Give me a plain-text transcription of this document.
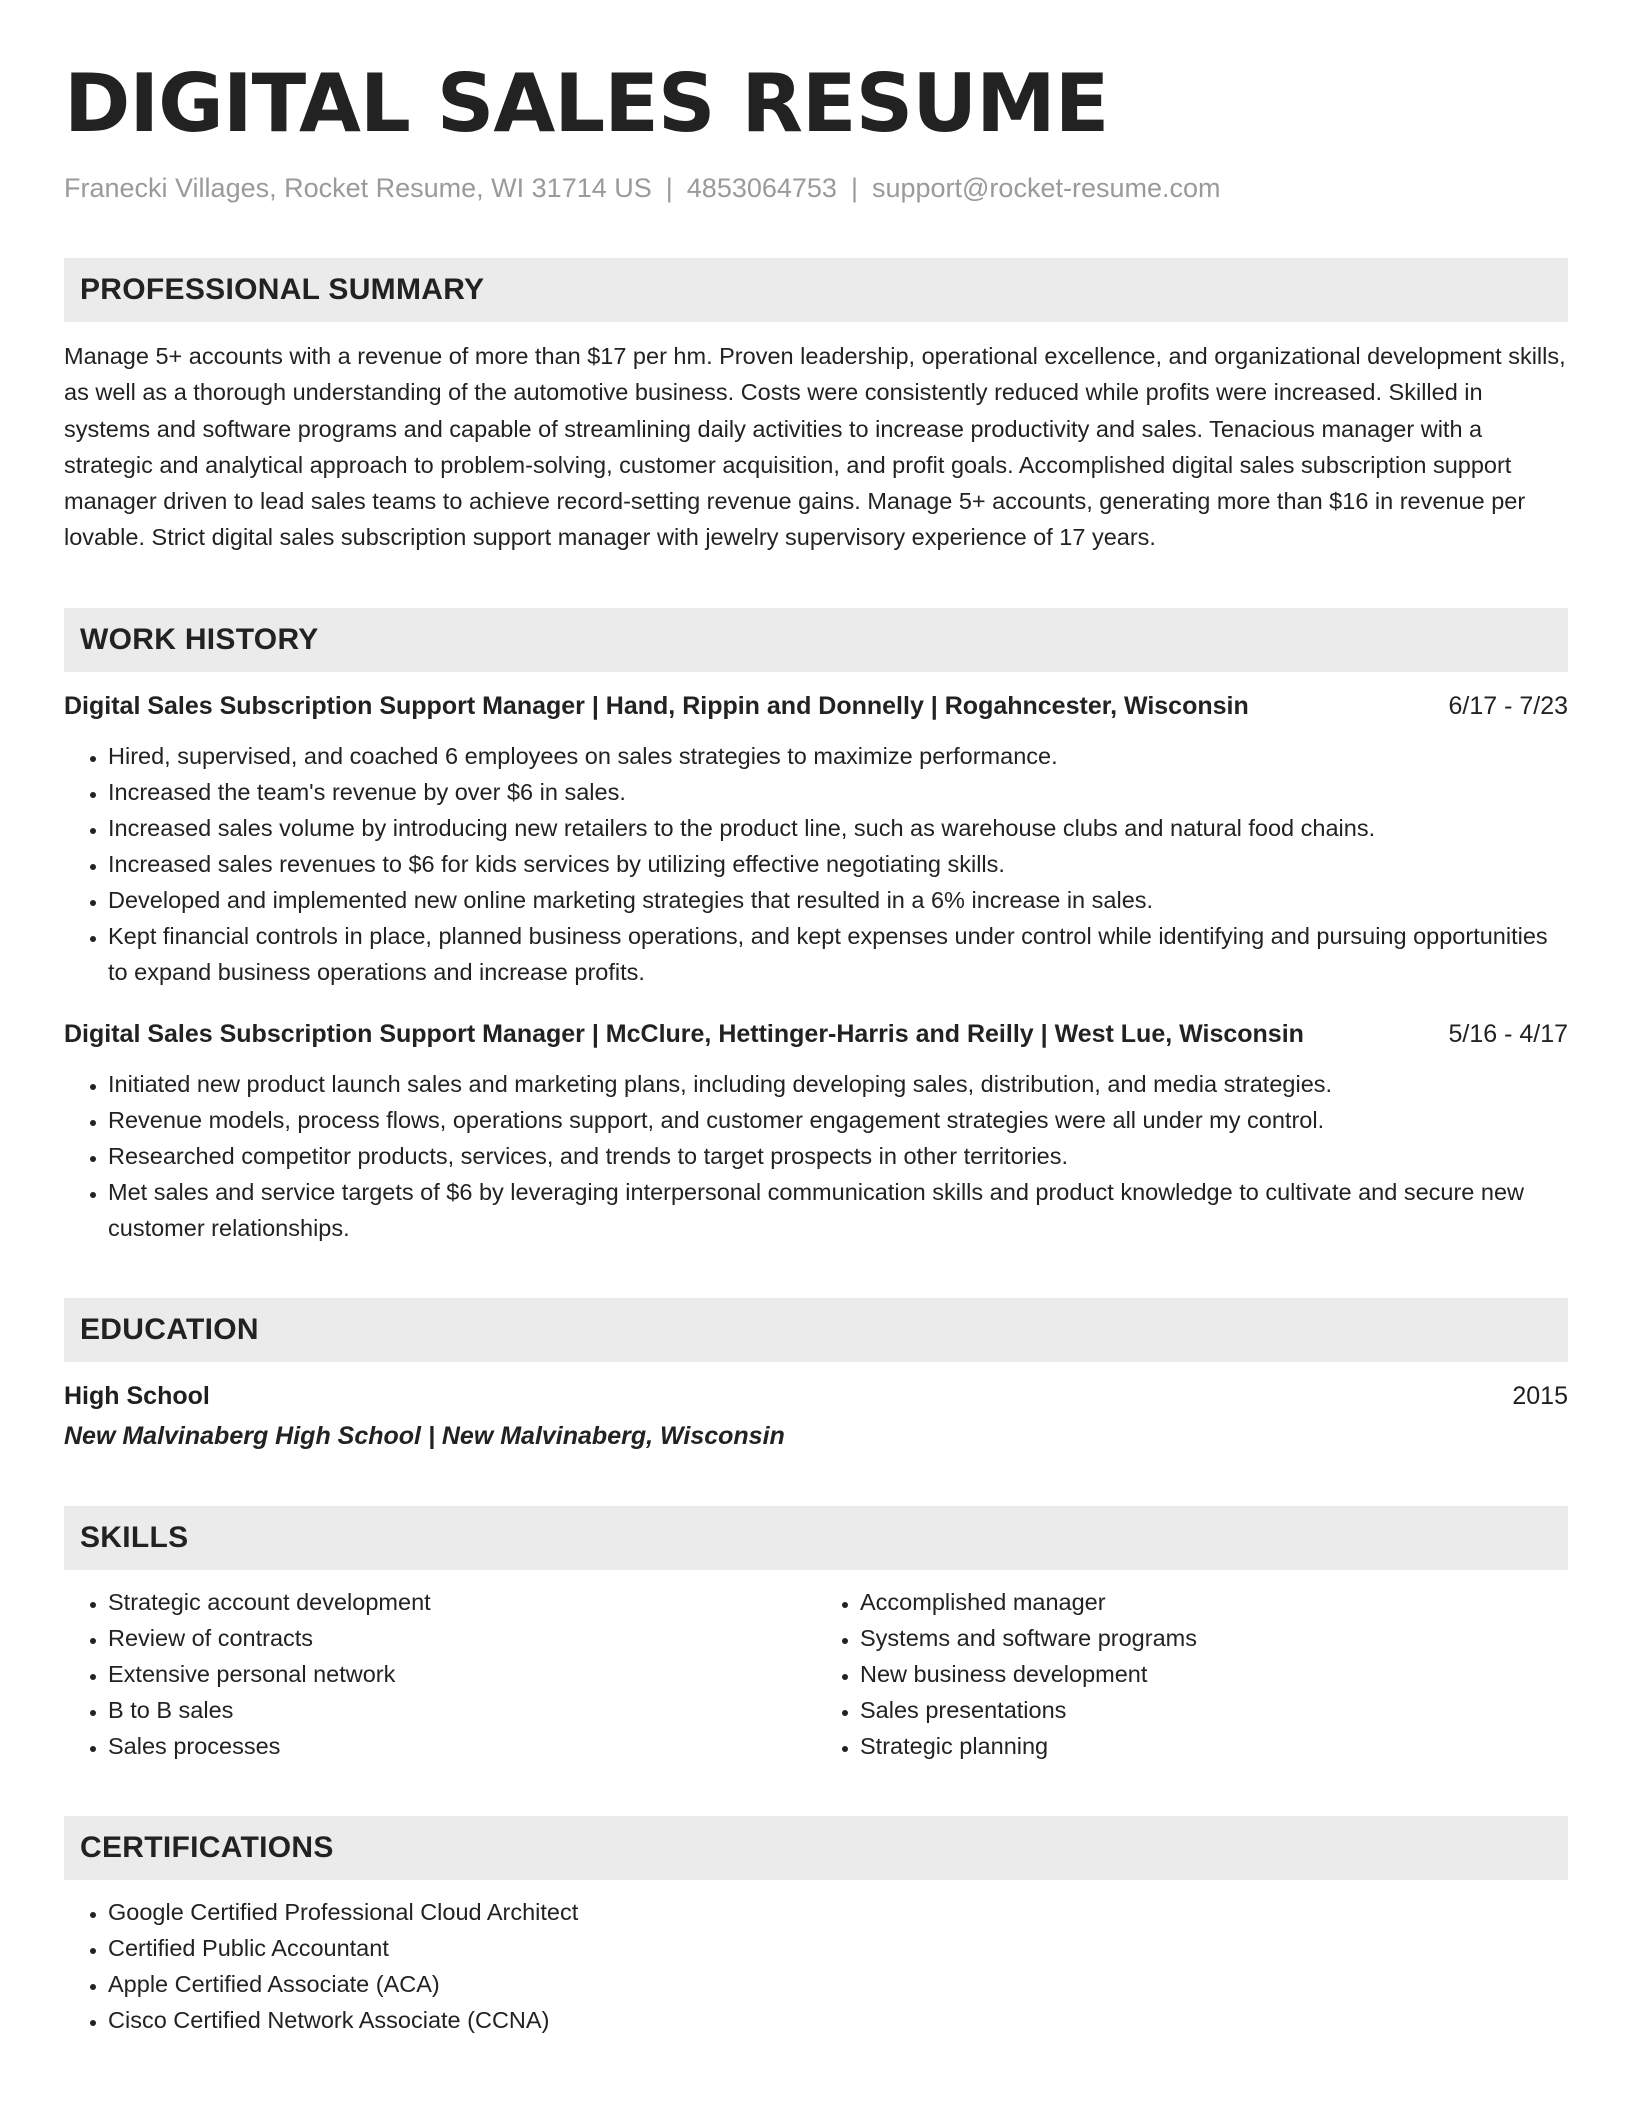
DIGITAL SALES RESUME
Franecki Villages, Rocket Resume, WI 31714 US | 4853064753 | support@rocket-resume.com
PROFESSIONAL SUMMARY
Manage 5+ accounts with a revenue of more than $17 per hm. Proven leadership, operational excellence, and organizational development skills, as well as a thorough understanding of the automotive business. Costs were consistently reduced while profits were increased. Skilled in systems and software programs and capable of streamlining daily activities to increase productivity and sales. Tenacious manager with a strategic and analytical approach to problem-solving, customer acquisition, and profit goals. Accomplished digital sales subscription support manager driven to lead sales teams to achieve record-setting revenue gains. Manage 5+ accounts, generating more than $16 in revenue per lovable. Strict digital sales subscription support manager with jewelry supervisory experience of 17 years.
WORK HISTORY
Digital Sales Subscription Support Manager | Hand, Rippin and Donnelly | Rogahncester, Wisconsin	6/17 - 7/23
• Hired, supervised, and coached 6 employees on sales strategies to maximize performance.
• Increased the team's revenue by over $6 in sales.
• Increased sales volume by introducing new retailers to the product line, such as warehouse clubs and natural food chains.
• Increased sales revenues to $6 for kids services by utilizing effective negotiating skills.
• Developed and implemented new online marketing strategies that resulted in a 6% increase in sales.
• Kept financial controls in place, planned business operations, and kept expenses under control while identifying and pursuing opportunities to expand business operations and increase profits.
Digital Sales Subscription Support Manager | McClure, Hettinger-Harris and Reilly | West Lue, Wisconsin	5/16 - 4/17
• Initiated new product launch sales and marketing plans, including developing sales, distribution, and media strategies.
• Revenue models, process flows, operations support, and customer engagement strategies were all under my control.
• Researched competitor products, services, and trends to target prospects in other territories.
• Met sales and service targets of $6 by leveraging interpersonal communication skills and product knowledge to cultivate and secure new customer relationships.
EDUCATION
High School	2015
New Malvinaberg High School | New Malvinaberg, Wisconsin
SKILLS
• Strategic account development
• Review of contracts
• Extensive personal network
• B to B sales
• Sales processes
• Accomplished manager
• Systems and software programs
• New business development
• Sales presentations
• Strategic planning
CERTIFICATIONS
• Google Certified Professional Cloud Architect
• Certified Public Accountant
• Apple Certified Associate (ACA)
• Cisco Certified Network Associate (CCNA)
